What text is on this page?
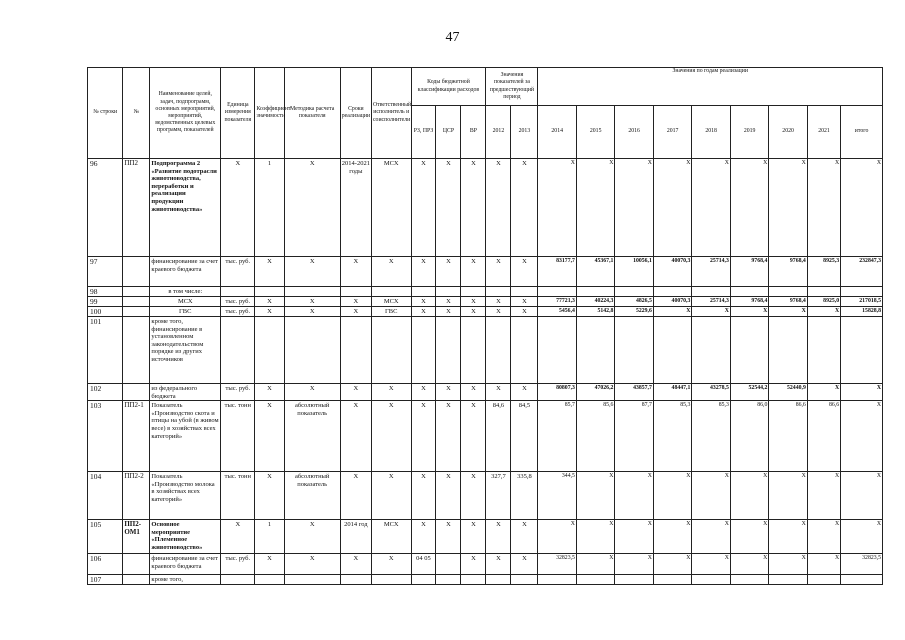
47
№ строки	№	Наименование целей, задач, подпрограмм, основных мероприятий, мероприятий, ведомственных целевых программ, показателей	Единица измерения показателя	Коэффициент значимости	Методика расчета показателя	Сроки реализации	Ответственный исполнитель и соисполнители	Коды бюджетной классификации расходов			Значения показателей за предшествующий период		Значения по годам реализации								
								РЗ, ПРЗ	ЦСР	ВР	2012	2013	2014	2015	2016	2017	2018	2019	2020	2021	итого
96	ПП2	Подпрограмма 2 «Развитие подотрасли животноводства, переработки и реализации продукции животноводства»	X	1	X	2014-2021 годы	МСХ	X	X	X	X	X	X	X	X	X	X	X	X	X	X
97		финансирование за счет краевого бюджета	тыс. руб.	X	X	X	X	X	X	X	X	X	83177,7	45367,1	10056,1	40070,3	25714,3	9768,4	9768,4	8925,3	232847,3
98		в том числе:																			
99		МСХ	тыс. руб.	X	X	X	МСХ	X	X	X	X	X	77721,3	40224,3	4826,5	40070,3	25714,3	9768,4	9768,4	8925,0	217018,5
100		ГВС	тыс. руб.	X	X	X	ГВС	X	X	X	X	X	5456,4	5142,8	5229,6	X	X	X	X	X	15828,8
101		кроме того, финансирование в установленном законодательством порядке из других источников																			
102		из федерального бюджета	тыс. руб.	X	X	X	X	X	X	X	X	X	80807,3	47026,2	43857,7	48447,1	43278,5	52544,2	52440,9	X	X
103	ПП2-1	Показатель «Производство скота и птицы на убой (в живом весе) в хозяйствах всех категорий»	тыс. тонн	X	абсолютный показатель	X	X	X	X	X	84,6	84,5	85,7	85,6	87,7	85,3	85,3	86,0	86,6	86,6	X
104	ПП2-2	Показатель «Производство молока в хозяйствах всех категорий»	тыс. тонн	X	абсолютный показатель	X	X	X	X	X	327,7	335,8	344,5	X	X	X	X	X	X	X	X
105	ПП2-ОМ1	Основное мероприятие «Племенное животноводство»	X	1	X	2014 год	МСХ	X	X	X	X	X	X	X	X	X	X	X	X	X	X
106		финансирование за счет краевого бюджета	тыс. руб.	X	X	X	X	04 05		X	X	X	32823,5	X	X	X	X	X	X	X	32823,5
107		кроме того,																			
